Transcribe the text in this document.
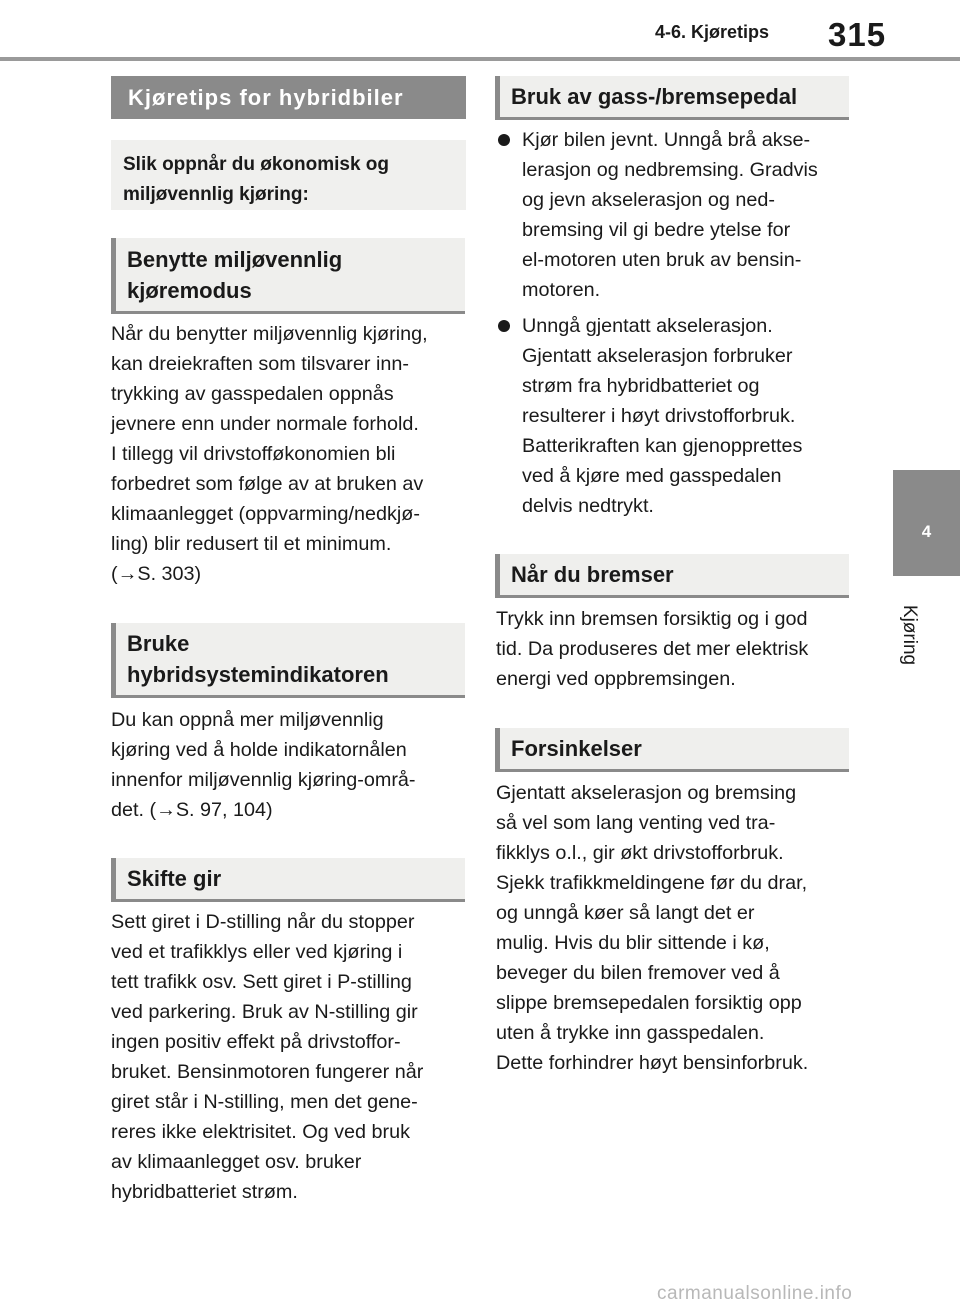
4-6. Kjøretips 315
4
Kjøring
Kjøretips for hybridbiler
Slik oppnår du økonomisk og miljøvennlig kjøring:
Benytte miljøvennlig
kjøremodus
Når du benytter miljøvennlig kjøring,
kan dreiekraften som tilsvarer inn-
trykking av gasspedalen oppnås
jevnere enn under normale forhold.
I tillegg vil drivstofføkonomien bli
forbedret som følge av at bruken av
klimaanlegget (oppvarming/nedkjø-
ling) blir redusert til et minimum.
(→S. 303)
Bruke
hybridsystemindikatoren
Du kan oppnå mer miljøvennlig
kjøring ved å holde indikatornålen
innenfor miljøvennlig kjøring-områ-
det. (→S. 97, 104)
Skifte gir
Sett giret i D-stilling når du stopper
ved et trafikklys eller ved kjøring i
tett trafikk osv. Sett giret i P-stilling
ved parkering. Bruk av N-stilling gir
ingen positiv effekt på drivstoffor-
bruket. Bensinmotoren fungerer når
giret står i N-stilling, men det gene-
reres ikke elektrisitet. Og ved bruk
av klimaanlegget osv. bruker
hybridbatteriet strøm.
Bruk av gass-/bremsepedal
Kjør bilen jevnt. Unngå brå akse-
lerasjon og nedbremsing. Gradvis
og jevn akselerasjon og ned-
bremsing vil gi bedre ytelse for
el-motoren uten bruk av bensin-
motoren.
Unngå gjentatt akselerasjon.
Gjentatt akselerasjon forbruker
strøm fra hybridbatteriet og
resulterer i høyt drivstofforbruk.
Batterikraften kan gjenopprettes
ved å kjøre med gasspedalen
delvis nedtrykt.
Når du bremser
Trykk inn bremsen forsiktig og i god
tid. Da produseres det mer elektrisk
energi ved oppbremsingen.
Forsinkelser
Gjentatt akselerasjon og bremsing
så vel som lang venting ved tra-
fikklys o.l., gir økt drivstofforbruk.
Sjekk trafikkmeldingene før du drar,
og unngå køer så langt det er
mulig. Hvis du blir sittende i kø,
beveger du bilen fremover ved å
slippe bremsepedalen forsiktig opp
uten å trykke inn gasspedalen.
Dette forhindrer høyt bensinforbruk.
carmanualsonline.info
